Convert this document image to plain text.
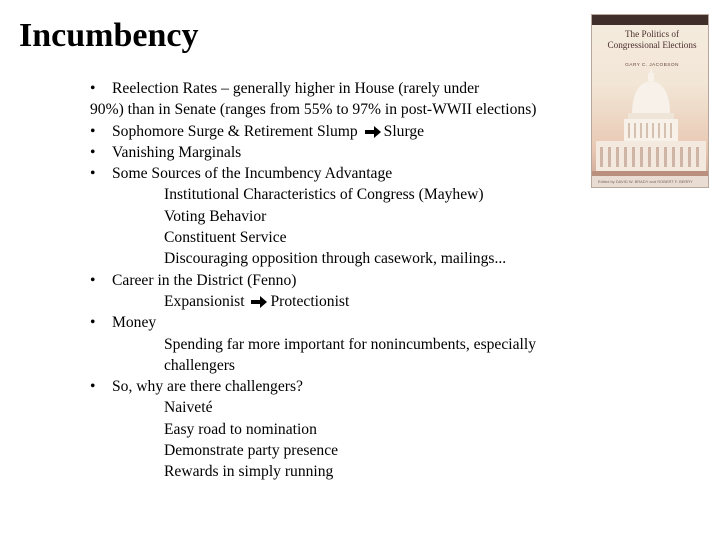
Incumbency
• Reelection Rates – generally higher in House (rarely under
90%) than in Senate (ranges from 55% to 97% in post-WWII elections)
• Sophomore Surge & Retirement Slump Slurge
• Vanishing Marginals
• Some Sources of the Incumbency Advantage
Institutional Characteristics of Congress (Mayhew)
Voting Behavior
Constituent Service
Discouraging opposition through casework, mailings...
• Career in the District (Fenno)
Expansionist Protectionist
• Money
Spending far more important for nonincumbents, especially challengers
• So, why are there challengers?
Naiveté
Easy road to nomination
Demonstrate party presence
Rewards in simply running
The Politics of Congressional Elections
GARY C. JACOBSON
Edited by DAVID W. BRADY and ROBERT F. BERRY
